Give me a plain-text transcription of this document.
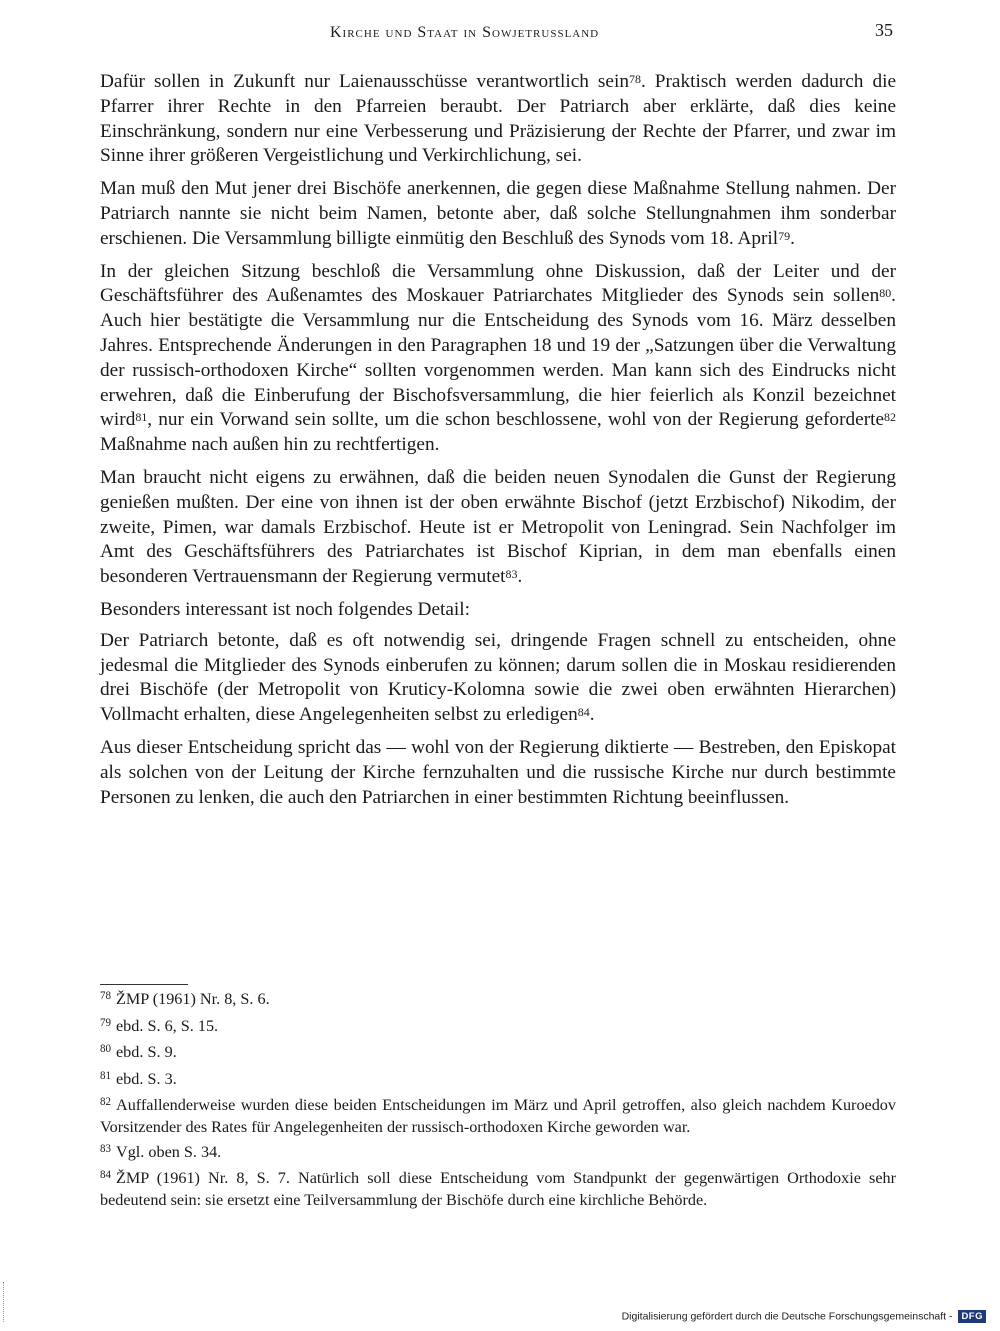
Kirche und Staat in Sowjetrussland	35

Dafür sollen in Zukunft nur Laienausschüsse verantwortlich sein$^{78}$. Praktisch werden dadurch die Pfarrer ihrer Rechte in den Pfarreien beraubt. Der Patriarch aber erklärte, daß dies keine Einschränkung, sondern nur eine Verbesserung und Präzisierung der Rechte der Pfarrer, und zwar im Sinne ihrer größeren Vergeistlichung und Verkirchlichung, sei.

Man muß den Mut jener drei Bischöfe anerkennen, die gegen diese Maßnahme Stellung nahmen. Der Patriarch nannte sie nicht beim Namen, betonte aber, daß solche Stellungnahmen ihm sonderbar erschienen. Die Versammlung billigte einmütig den Beschluß des Synods vom 18. April$^{79}$.

In der gleichen Sitzung beschloß die Versammlung ohne Diskussion, daß der Leiter und der Geschäftsführer des Außenamtes des Moskauer Patriarchates Mitglieder des Synods sein sollen$^{80}$. Auch hier bestätigte die Versammlung nur die Entscheidung des Synods vom 16. März desselben Jahres. Entsprechende Änderungen in den Paragraphen 18 und 19 der „Satzungen über die Verwaltung der russisch-orthodoxen Kirche“ sollten vorgenommen werden. Man kann sich des Eindrucks nicht erwehren, daß die Einberufung der Bischofsversammlung, die hier feierlich als Konzil bezeichnet wird$^{81}$, nur ein Vorwand sein sollte, um die schon beschlossene, wohl von der Regierung geforderte$^{82}$ Maßnahme nach außen hin zu rechtfertigen.

Man braucht nicht eigens zu erwähnen, daß die beiden neuen Synodalen die Gunst der Regierung genießen mußten. Der eine von ihnen ist der oben erwähnte Bischof (jetzt Erzbischof) Nikodim, der zweite, Pimen, war damals Erzbischof. Heute ist er Metropolit von Leningrad. Sein Nachfolger im Amt des Geschäftsführers des Patriarchates ist Bischof Kiprian, in dem man ebenfalls einen besonderen Vertrauensmann der Regierung vermutet$^{83}$.

Besonders interessant ist noch folgendes Detail:

Der Patriarch betonte, daß es oft notwendig sei, dringende Fragen schnell zu entscheiden, ohne jedesmal die Mitglieder des Synods einberufen zu können; darum sollen die in Moskau residierenden drei Bischöfe (der Metropolit von Kruticy-Kolomna sowie die zwei oben erwähnten Hierarchen) Vollmacht erhalten, diese Angelegenheiten selbst zu erledigen$^{84}$.

Aus dieser Entscheidung spricht das — wohl von der Regierung diktierte — Bestreben, den Episkopat als solchen von der Leitung der Kirche fernzuhalten und die russische Kirche nur durch bestimmte Personen zu lenken, die auch den Patriarchen in einer bestimmten Richtung beeinflussen.

$^{78}$ ŽMP (1961) Nr. 8, S. 6.

$^{79}$ ebd. S. 6, S. 15.

$^{80}$ ebd. S. 9.

$^{81}$ ebd. S. 3.

$^{82}$ Auffallenderweise wurden diese beiden Entscheidungen im März und April getroffen, also gleich nachdem Kuroedov Vorsitzender des Rates für Angelegenheiten der russisch-orthodoxen Kirche geworden war.

$^{83}$ Vgl. oben S. 34.

$^{84}$ ŽMP (1961) Nr. 8, S. 7. Natürlich soll diese Entscheidung vom Standpunkt der gegenwärtigen Orthodoxie sehr bedeutend sein: sie ersetzt eine Teilversammlung der Bischöfe durch eine kirchliche Behörde.

Digitalisierung gefördert durch die Deutsche Forschungsgemeinschaft - DFG
